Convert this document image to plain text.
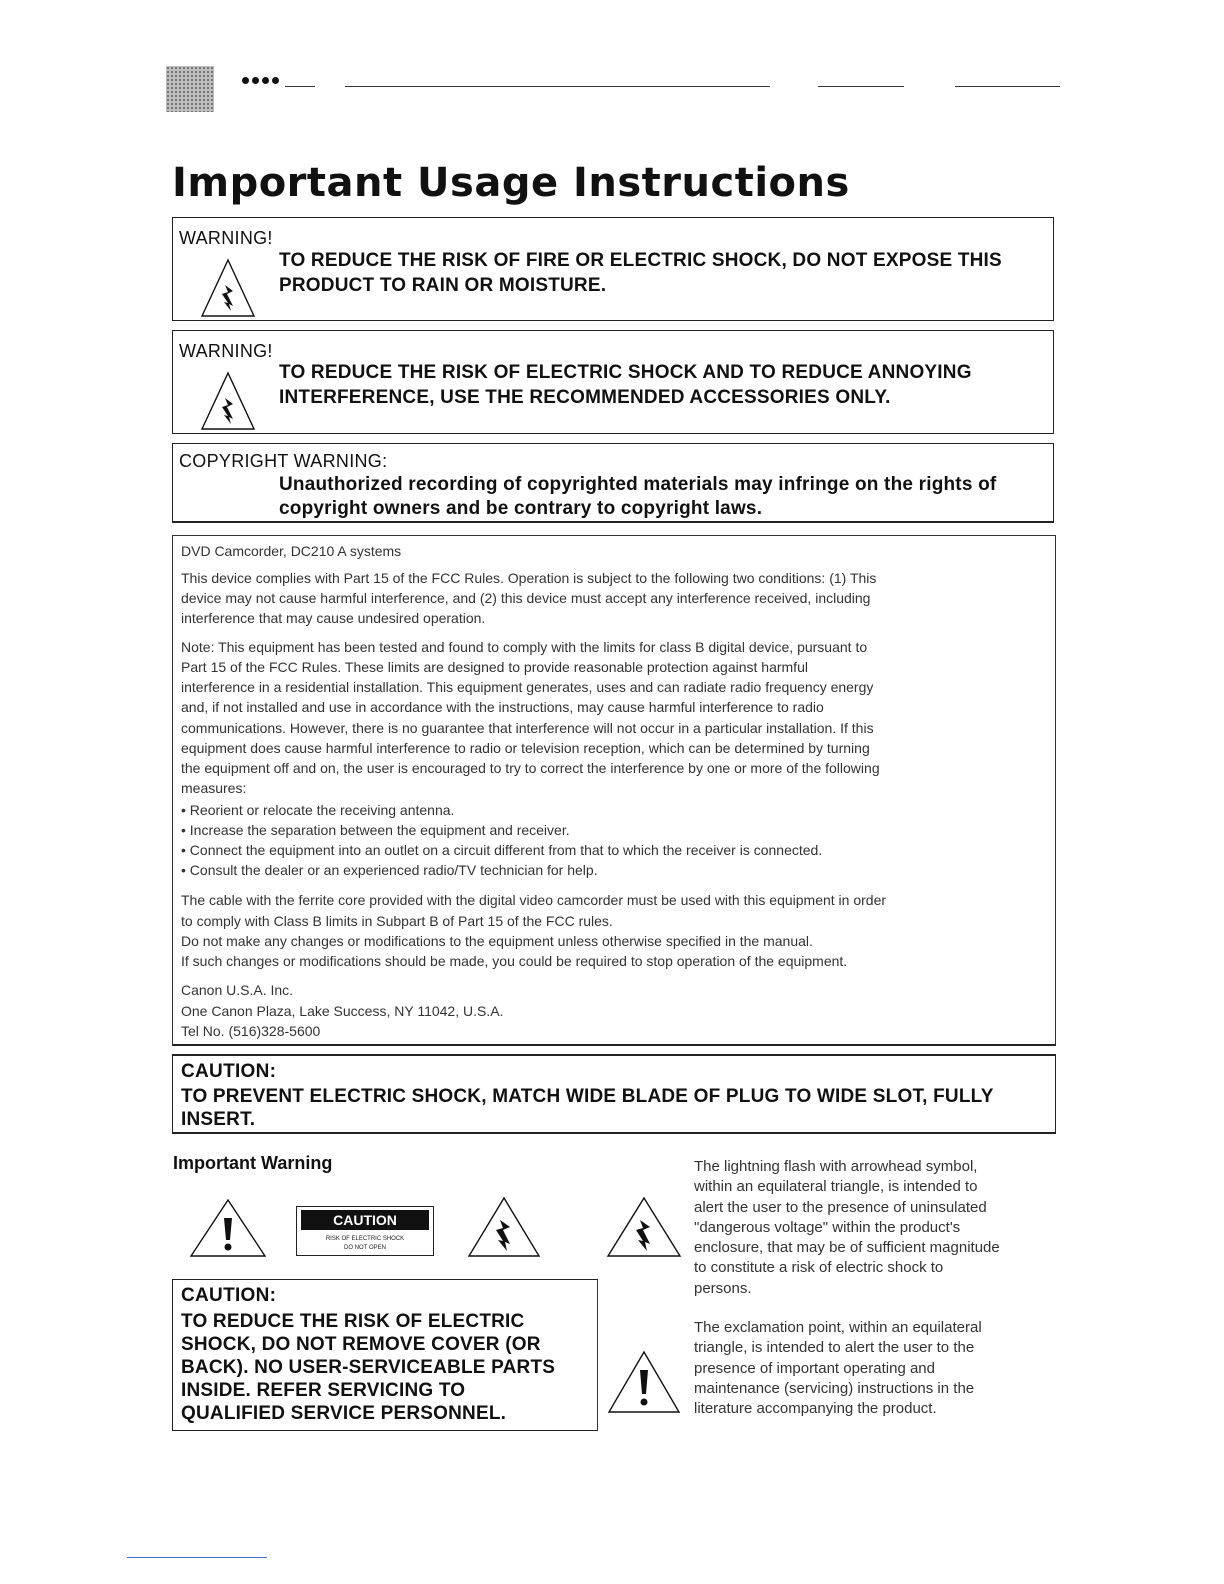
Important Usage Instructions
WARNING!
TO REDUCE THE RISK OF FIRE OR ELECTRIC SHOCK, DO NOT EXPOSE THIS
PRODUCT TO RAIN OR MOISTURE.
WARNING!
TO REDUCE THE RISK OF ELECTRIC SHOCK AND TO REDUCE ANNOYING
INTERFERENCE, USE THE RECOMMENDED ACCESSORIES ONLY.
COPYRIGHT WARNING:
Unauthorized recording of copyrighted materials may infringe on the rights of
copyright owners and be contrary to copyright laws.

DVD Camcorder, DC210 A systems

This device complies with Part 15 of the FCC Rules. Operation is subject to the following two conditions: (1) This

device may not cause harmful interference, and (2) this device must accept any interference received, including

interference that may cause undesired operation.

Note: This equipment has been tested and found to comply with the limits for class B digital device, pursuant to

Part 15 of the FCC Rules. These limits are designed to provide reasonable protection against harmful

interference in a residential installation. This equipment generates, uses and can radiate radio frequency energy

and, if not installed and use in accordance with the instructions, may cause harmful interference to radio

communications. However, there is no guarantee that interference will not occur in a particular installation. If this

equipment does cause harmful interference to radio or television reception, which can be determined by turning

the equipment off and on, the user is encouraged to try to correct the interference by one or more of the following

measures:

• Reorient or relocate the receiving antenna.

• Increase the separation between the equipment and receiver.

• Connect the equipment into an outlet on a circuit different from that to which the receiver is connected.

• Consult the dealer or an experienced radio/TV technician for help.

The cable with the ferrite core provided with the digital video camcorder must be used with this equipment in order

to comply with Class B limits in Subpart B of Part 15 of the FCC rules.

Do not make any changes or modifications to the equipment unless otherwise specified in the manual.

If such changes or modifications should be made, you could be required to stop operation of the equipment.

Canon U.S.A. Inc.

One Canon Plaza, Lake Success, NY 11042, U.S.A.

Tel No. (516)328-5600

CAUTION:
TO PREVENT ELECTRIC SHOCK, MATCH WIDE BLADE OF PLUG TO WIDE SLOT, FULLY
INSERT.
Important Warning
CAUTION
RISK OF ELECTRIC SHOCK
DO NOT OPEN
CAUTION:
TO REDUCE THE RISK OF ELECTRIC
SHOCK, DO NOT REMOVE COVER (OR
BACK). NO USER-SERVICEABLE PARTS
INSIDE. REFER SERVICING TO
QUALIFIED SERVICE PERSONNEL.
The lightning flash with arrowhead symbol,
within an equilateral triangle, is intended to
alert the user to the presence of uninsulated
"dangerous voltage" within the product's
enclosure, that may be of sufficient magnitude
to constitute a risk of electric shock to
persons.
The exclamation point, within an equilateral
triangle, is intended to alert the user to the
presence of important operating and
maintenance (servicing) instructions in the
literature accompanying the product.
